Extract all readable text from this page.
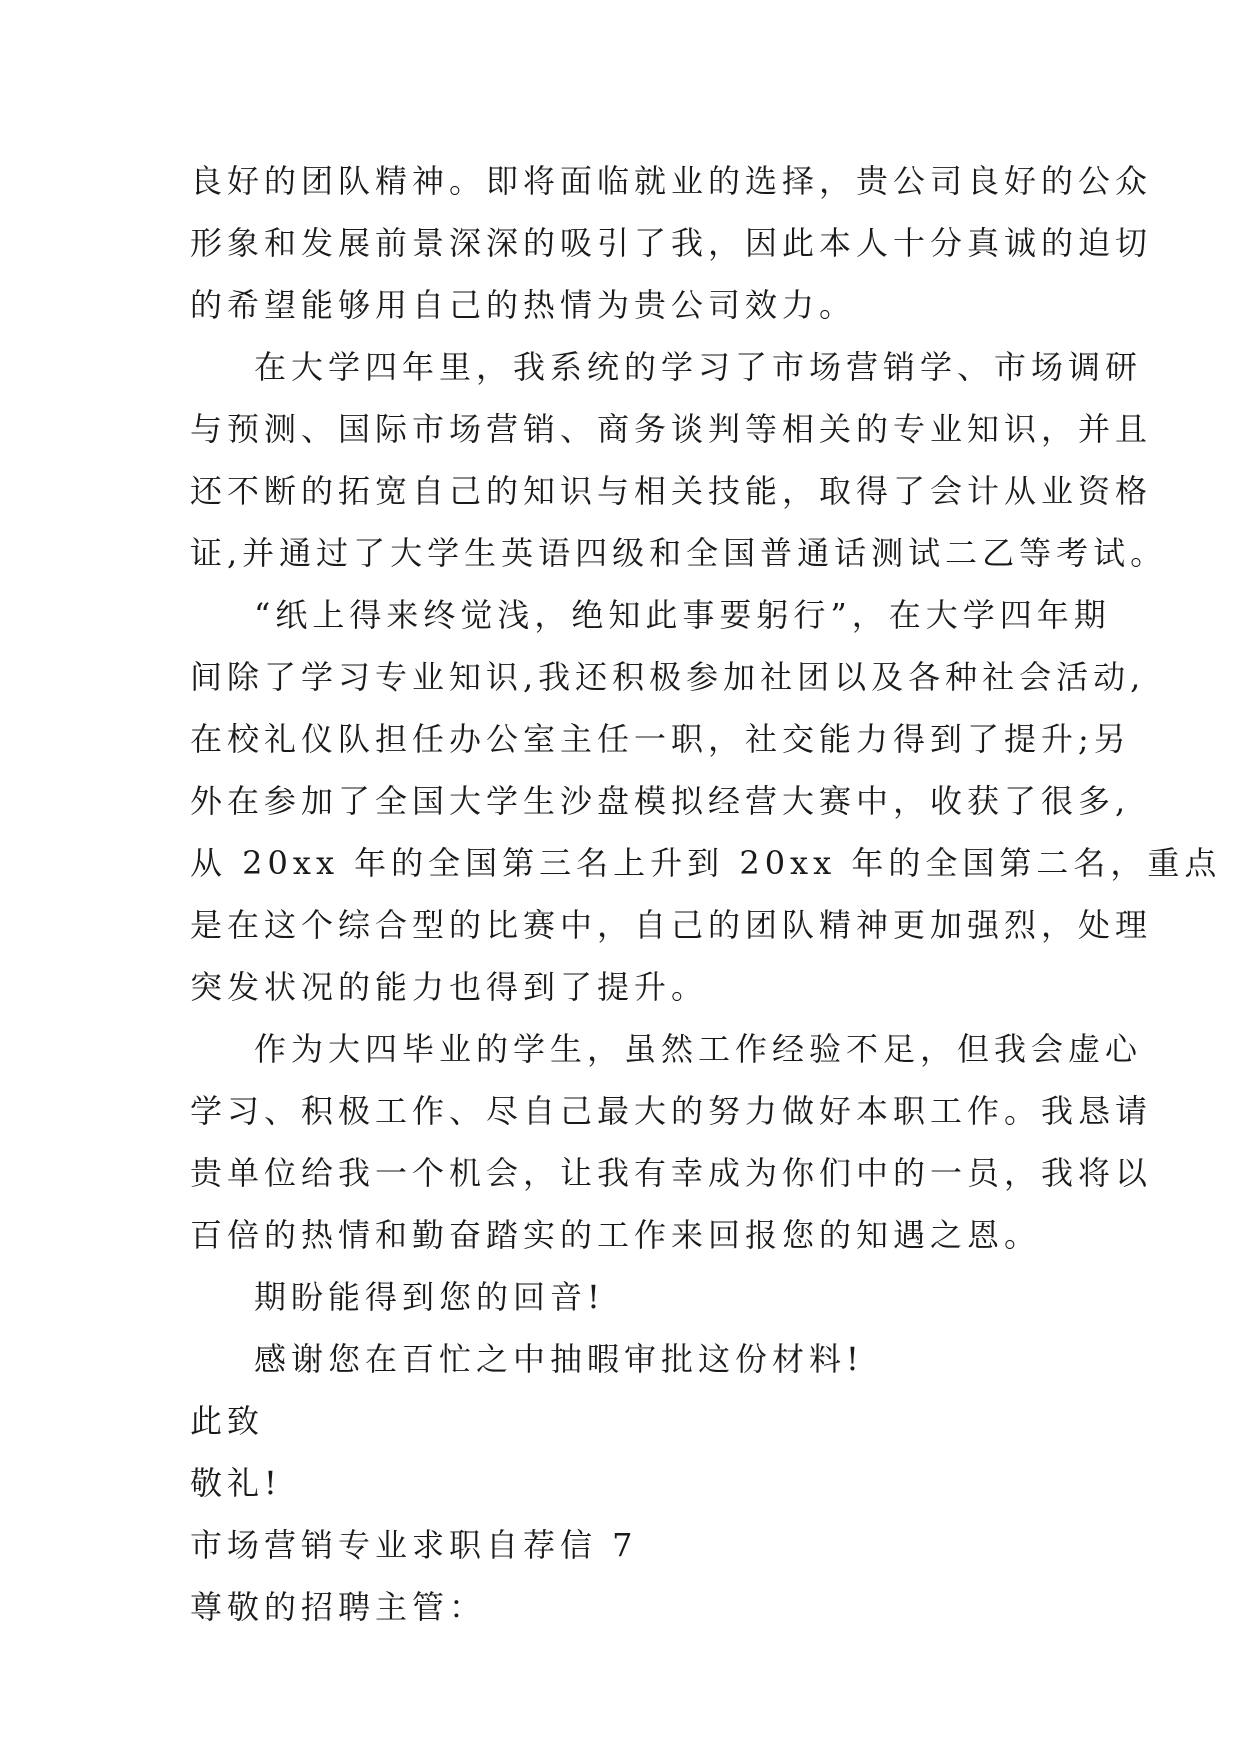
良好的团队精神。即将面临就业的选择，贵公司良好的公众
形象和发展前景深深的吸引了我，因此本人十分真诚的迫切
的希望能够用自己的热情为贵公司效力。
在大学四年里，我系统的学习了市场营销学、市场调研
与预测、国际市场营销、商务谈判等相关的专业知识，并且
还不断的拓宽自己的知识与相关技能，取得了会计从业资格
证,并通过了大学生英语四级和全国普通话测试二乙等考试。
“纸上得来终觉浅，绝知此事要躬行”，在大学四年期
间除了学习专业知识,我还积极参加社团以及各种社会活动,
在校礼仪队担任办公室主任一职，社交能力得到了提升;另
外在参加了全国大学生沙盘模拟经营大赛中，收获了很多,
从 20xx 年的全国第三名上升到 20xx 年的全国第二名，重点
是在这个综合型的比赛中，自己的团队精神更加强烈，处理
突发状况的能力也得到了提升。
作为大四毕业的学生，虽然工作经验不足，但我会虚心
学习、积极工作、尽自己最大的努力做好本职工作。我恳请
贵单位给我一个机会，让我有幸成为你们中的一员，我将以
百倍的热情和勤奋踏实的工作来回报您的知遇之恩。
期盼能得到您的回音!
感谢您在百忙之中抽暇审批这份材料!
此致
敬礼!
市场营销专业求职自荐信 7
尊敬的招聘主管：
